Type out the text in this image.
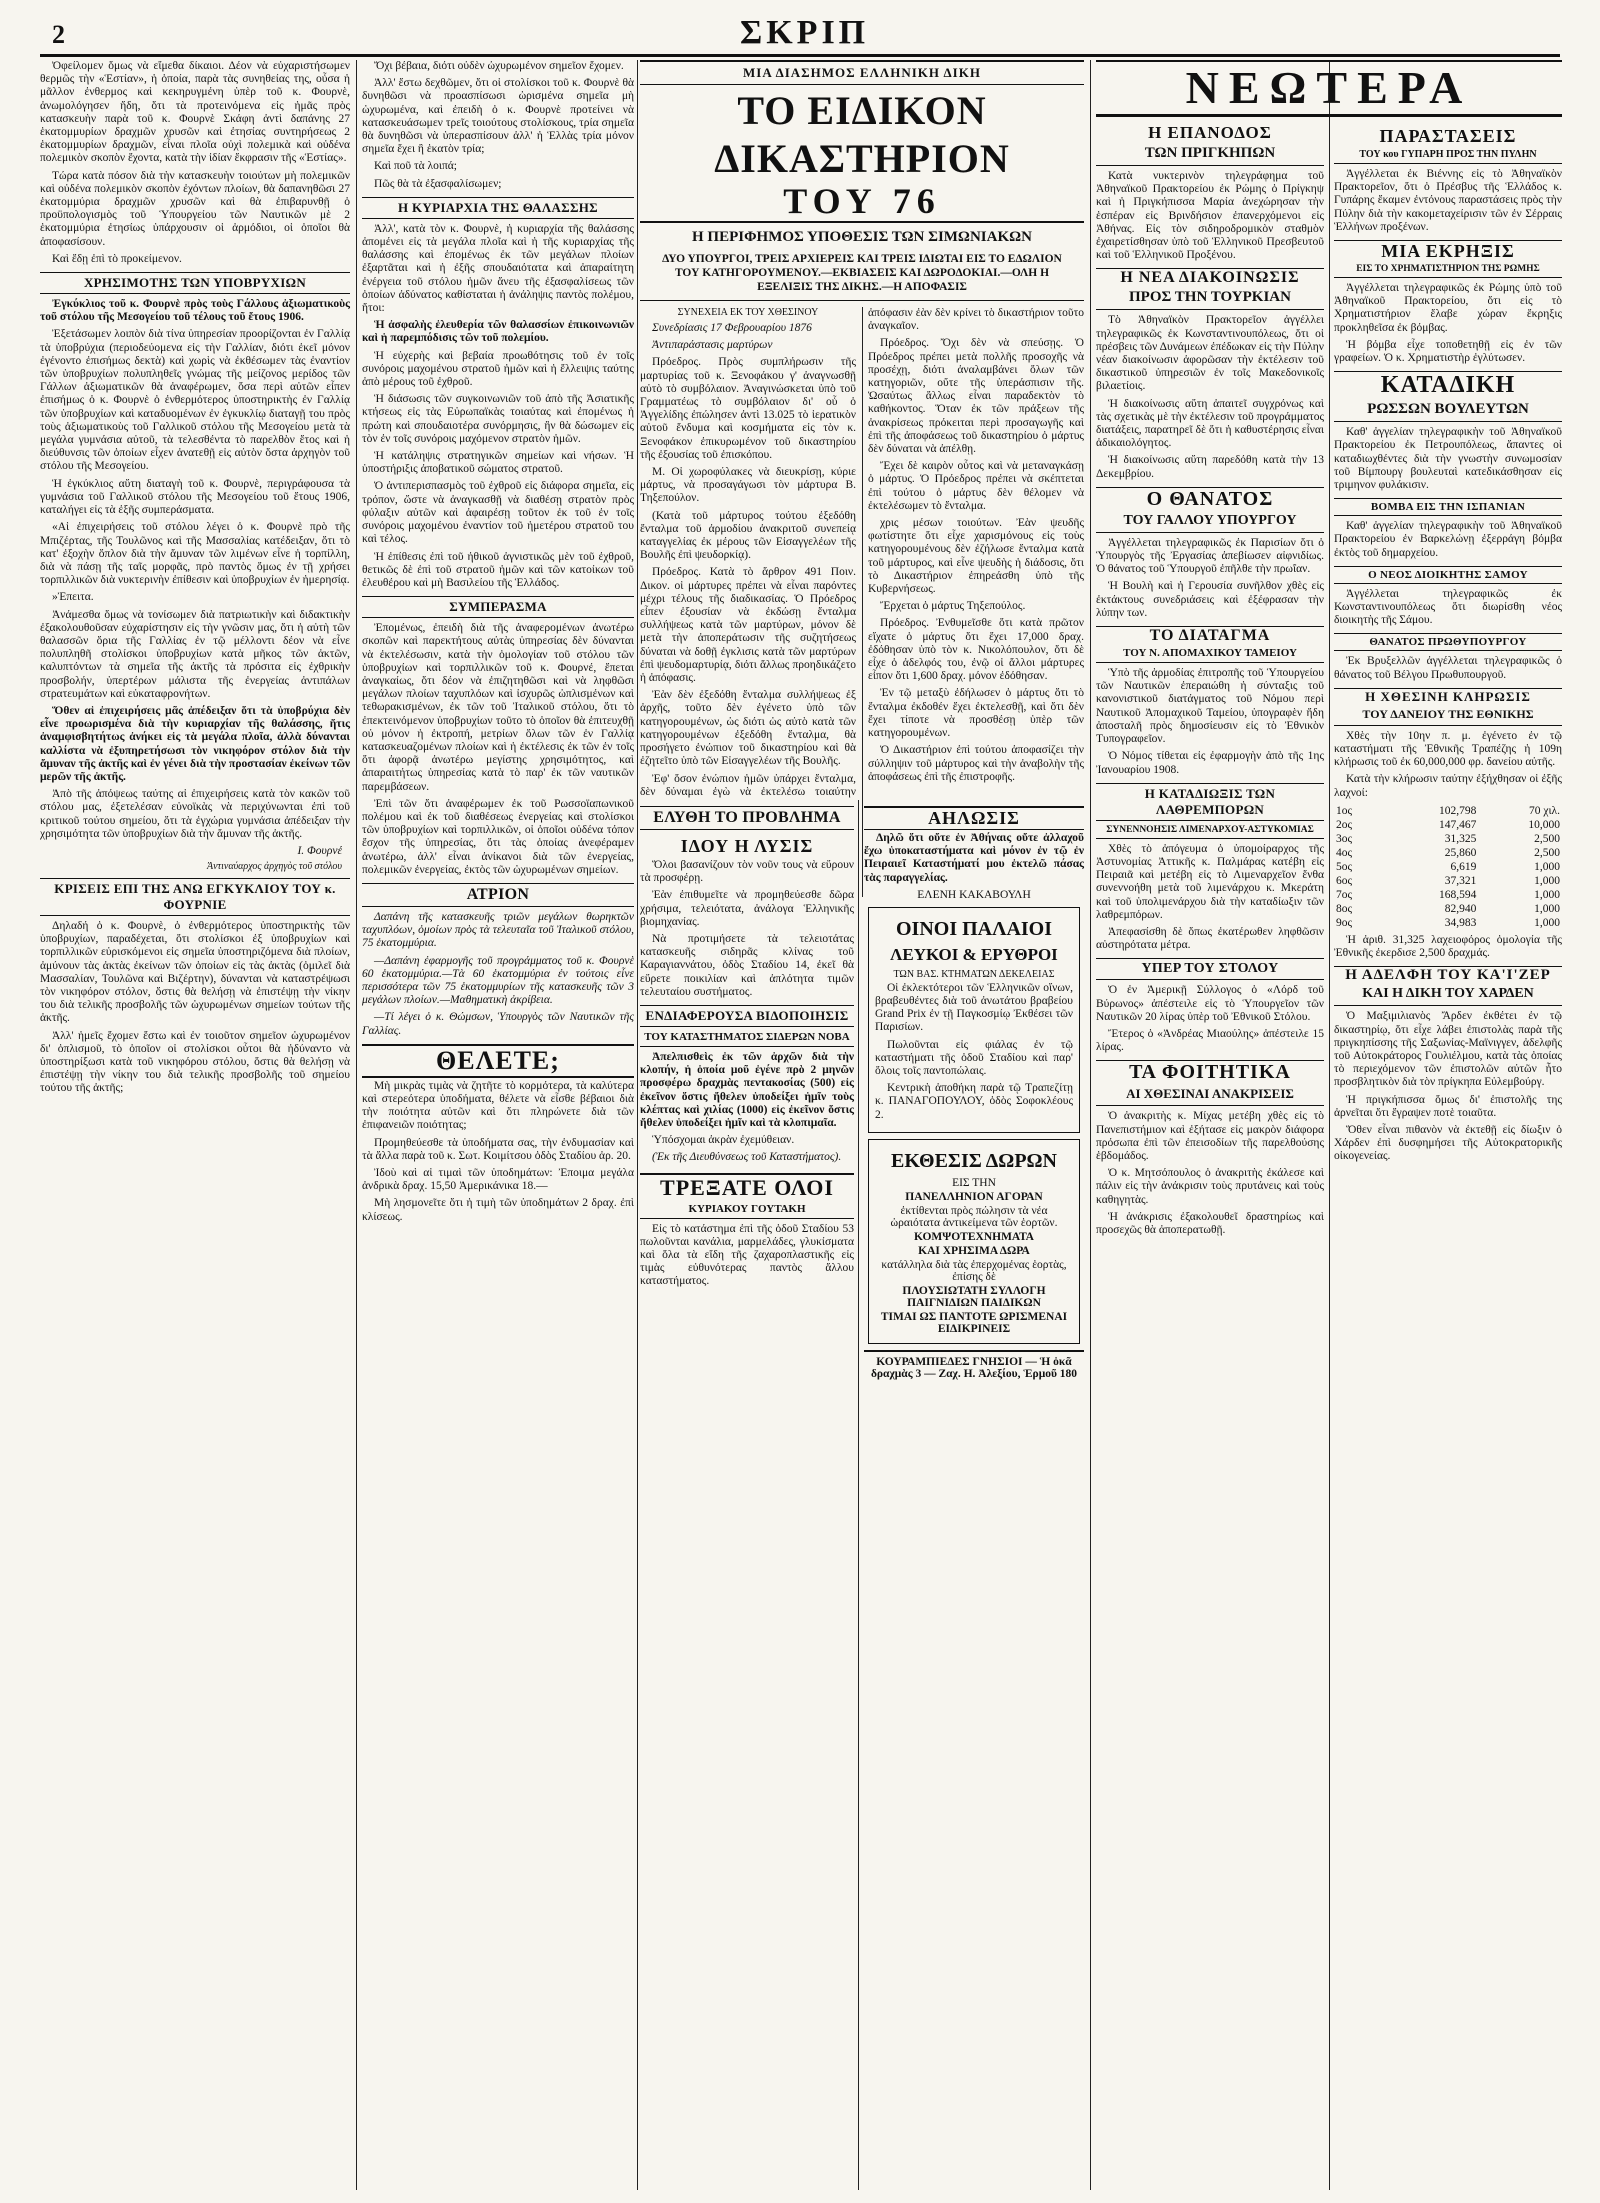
2	ΣΚΡΙΠ

Ὀφείλομεν ὅμως νὰ εἴμεθα δίκαιοι. Δέον νὰ εὐχαριστήσωμεν θερμῶς τὴν «Ἑστίαν», ἡ ὁποία, παρὰ τὰς συνηθείας της, οὖσα ἡ μᾶλλον ἐνθερμος καὶ κεκηρυγμένη ὑπὲρ τοῦ κ. Φουρνὲ, ἀνωμολόγησεν ἤδη, ὅτι τὰ προτεινόμενα εἰς ἡμᾶς πρὸς κατασκευὴν παρὰ τοῦ κ. Φουρνὲ Σκάφη ἀντὶ δαπάνης 27 ἑκατομμυρίων δραχμῶν χρυσῶν καὶ ἐτησίας συντηρήσεως 2 ἑκατομμυρίων δραχμῶν, εἶναι πλοῖα οὐχὶ πολεμικὰ καὶ οὐδένα πολεμικὸν σκοπὸν ἔχοντα, κατὰ τὴν ἰδίαν ἔκφρασιν τῆς «Ἑστίας».

Τώρα κατὰ πόσον διὰ τὴν κατασκευὴν τοιούτων μὴ πολεμικῶν καὶ οὐδένα πολεμικὸν σκοπὸν ἐχόντων πλοίων, θὰ δαπανηθῶσι 27 ἑκατομμύρια δραχμῶν χρυσῶν καὶ θὰ ἐπιβαρυνθῇ ὁ προϋπολογισμὸς τοῦ Ὑπουργείου τῶν Ναυτικῶν μὲ 2 ἑκατομμύρια ἐτησίως ὑπάρχουσιν οἱ ἁρμόδιοι, οἱ ὁποῖοι θὰ ἀποφασίσουν.

Καὶ ἔδῃ ἐπὶ τὸ προκείμενον.

ΧΡΗΣΙΜΟΤΗΣ ΤΩΝ ΥΠΟΒΡΥΧΙΩΝ

Ἐγκύκλιος τοῦ κ. Φουρνὲ πρὸς τοὺς Γάλλους ἀξιωματικοὺς τοῦ στόλου τῆς Μεσογείου τοῦ τέλους τοῦ ἔτους 1906.

Ἐξετάσωμεν λοιπὸν διὰ τίνα ὑπηρεσίαν προορίζονται ἐν Γαλλίᾳ τὰ ὑποβρύχια (περιοδεύομενα εἰς τὴν Γαλλίαν, διότι ἐκεῖ μόνον ἐγένοντο ἐπισήμως δεκτὰ) καὶ χωρὶς νὰ ἐκθέσωμεν τὰς ἐναντίον τῶν ὑποβρυχίων πολυπληθεῖς γνώμας τῆς μείζονος μερίδος τῶν Γάλλων ἀξιωματικῶν θὰ ἀναφέρωμεν, ὅσα περὶ αὐτῶν εἶπεν ἐπισήμως ὁ κ. Φουρνὲ ὁ ἐνθερμότερος ὑποστηρικτὴς ἐν Γαλλίᾳ τῶν ὑποβρυχίων καὶ καταδυομένων ἐν ἐγκυκλίῳ διαταγῇ του πρὸς τοὺς ἀξιωματικοὺς τοῦ Γαλλικοῦ στόλου τῆς Μεσογείου μετὰ τὰ μεγάλα γυμνάσια αὐτοῦ, τὰ τελεσθέντα τὸ παρελθὸν ἔτος καὶ ἡ διεύθυνσις τῶν ὁποίων εἶχεν ἀνατεθῇ εἰς αὐτὸν ὅστα ἀρχηγὸν τοῦ στόλου τῆς Μεσογείου.

Ἡ ἐγκύκλιος αὕτη διαταγὴ τοῦ κ. Φουρνὲ, περιγράφουσα τὰ γυμνάσια τοῦ Γαλλικοῦ στόλου τῆς Μεσογείου τοῦ ἔτους 1906, καταλήγει εἰς τὰ ἐξῆς συμπεράσματα.

«Αἱ ἐπιχειρήσεις τοῦ στόλου λέγει ὁ κ. Φουρνὲ πρὸ τῆς Μπιζέρτας, τῆς Τουλῶνος καὶ τῆς Μασσαλίας κατέδειξαν, ὅτι τὸ κατ' ἐξοχὴν ὅπλον διὰ τὴν ἄμυναν τῶν λιμένων εἶνε ἡ τορπίλλη, διὰ νὰ πάσῃ τῆς ταῖς μορφᾶς, πρὸ παντὸς ὅμως ἐν τῇ χρήσει τορπιλλικῶν διὰ νυκτερινὴν ἐπίθεσιν καὶ ὑποβρυχίων ἐν ἡμερησίᾳ.

»Ἐπειτα.

Ἀνάμεσθα ὅμως νὰ τονίσωμεν διὰ πατριωτικὴν καὶ διδακτικὴν ἐξακολουθοῦσαν εὐχαρίστησιν εἰς τὴν γνῶσιν μας, ὅτι ἡ αὐτὴ τῶν θαλασσῶν ὅρια τῆς Γαλλίας ἐν τῷ μέλλοντι δέον νὰ εἶνε πολυπληθῆ στολίσκοι ὑποβρυχίων κατὰ μῆκος τῶν ἀκτῶν, καλυπτόντων τὰ σημεῖα τῆς ἀκτῆς τὰ πρόσιτα εἰς ἐχθρικὴν προσβολήν, ὑπερτέρων μάλιστα τῆς ἐνεργείας ἀντιπάλων στρατευμάτων καὶ εὐκαταφρονήτων.

Ὅθεν αἱ ἐπιχειρήσεις μᾶς ἀπέδειξαν ὅτι τὰ ὑποβρύχια δὲν εἶνε προωρισμένα διὰ τὴν κυριαρχίαν τῆς θαλάσσης, ἥτις ἀναμφισβητήτως ἀνήκει εἰς τὰ μεγάλα πλοῖα, ἀλλὰ δύνανται καλλίστα νὰ ἐξυπηρετήσωσι τὸν νικηφόρον στόλον διὰ τὴν ἄμυναν τῆς ἀκτῆς καὶ ἐν γένει διὰ τὴν προστασίαν ἐκείνων τῶν μερῶν τῆς ἀκτῆς.

Ἀπὸ τῆς ἀπόψεως ταύτης αἱ ἐπιχειρήσεις κατὰ τὸν κακῶν τοῦ στόλου μας, ἐξετελέσαν εὐνοϊκὰς νὰ περιχύνωνται ἐπὶ τοῦ κριτικοῦ τούτου σημείου, ὅτι τὰ ἐγχώρια γυμνάσια ἀπέδειξαν τὴν χρησιμότητα τῶν ὑποβρυχίων διὰ τὴν ἄμυναν τῆς ἀκτῆς.

Ι. Φουρνέ
Ἀντιναύαρχος ἀρχηγὸς τοῦ στόλου
ΚΡΙΣΕΙΣ ΕΠΙ ΤΗΣ ΑΝΩ ΕΓΚΥΚΛΙΟΥ ΤΟΥ κ. ΦΟΥΡΝΙΕ

Δηλαδή ὁ κ. Φουρνὲ, ὁ ἐνθερμότερος ὑποστηρικτὴς τῶν ὑποβρυχίων, παραδέχεται, ὅτι στολίσκοι ἐξ ὑποβρυχίων καὶ τορπιλλικῶν εὐρισκόμενοι εἰς σημεῖα ὑποστηριζόμενα διὰ πλοίων, ἀμύνουν τὰς ἀκτὰς ἐκείνων τῶν ὁποίων εἰς τὰς ἀκτὰς (ὁμιλεῖ διὰ Μασσαλίαν, Τουλῶνα καὶ Βιζέρτην), δύνανται νὰ καταστρέψωσι τὸν νικηφόρον στόλον, ὅστις θὰ θελήσῃ νὰ ἐπιστέψῃ τὴν νίκην του διὰ τελικῆς προσβολῆς τῶν ὡχυρωμένων σημείων τούτων τῆς ἀκτῆς.

Ἀλλ' ἡμεῖς ἔχομεν ἔστω καὶ ἐν τοιοῦτον σημεῖον ὡχυρωμένον δι' ὁπλισμοῦ, τὸ ὁποῖον οἱ στολίσκοι οὗτοι θὰ ἠδύναντο νὰ ὑποστηρίξωσι κατὰ τοῦ νικηφόρου στόλου, ὅστις θὰ θελήσῃ νὰ ἐπιστέψῃ τὴν νίκην του διὰ τελικῆς προσβολῆς τοῦ σημείου τούτου τῆς ἀκτῆς;

Ὄχι βέβαια, διότι οὐδὲν ὠχυρωμένον σημεῖον ἔχομεν.

Ἀλλ' ἔστω δεχθῶμεν, ὅτι οἱ στολίσκοι τοῦ κ. Φουρνὲ θὰ δυνηθῶσι νὰ προασπίσωσι ὡρισμένα σημεῖα μὴ ὠχυρωμένα, καὶ ἐπειδὴ ὁ κ. Φουρνὲ προτείνει νὰ κατασκευάσωμεν τρεῖς τοιούτους στολίσκους, τρία σημεῖα θὰ δυνηθῶσι νὰ ὑπερασπίσουν ἀλλ' ἡ Ἑλλὰς τρία μόνον σημεῖα ἔχει ἢ ἑκατὸν τρία;

Καὶ ποῦ τὰ λοιπά;

Πῶς θὰ τὰ ἐξασφαλίσωμεν;

Η ΚΥΡΙΑΡΧΙΑ ΤΗΣ ΘΑΛΑΣΣΗΣ

Ἀλλ', κατὰ τὸν κ. Φουρνὲ, ἡ κυριαρχία τῆς θαλάσσης ἀπομένει εἰς τὰ μεγάλα πλοῖα καὶ ἡ τῆς κυριαρχίας τῆς θαλάσσης καὶ ἐπομένως ἐκ τῶν μεγάλων πλοίων ἐξαρτᾶται καὶ ἡ ἐξῆς σπουδαιότατα καὶ ἀπαραίτητη ἐνέργεια τοῦ στόλου ἡμῶν ἄνευ τῆς ἐξασφαλίσεως τῶν ὁποίων ἀδύνατος καθίσταται ἡ ἀνάληψις παντὸς πολέμου, ἤτοι:

Ἡ ἀσφαλὴς ἐλευθερία τῶν θαλασσίων ἐπικοινωνιῶν καὶ ἡ παρεμπόδισις τῶν τοῦ πολεμίου.

Ἡ εὐχερὴς καὶ βεβαία προωθότησις τοῦ ἐν τοῖς συνόροις μαχομένου στρατοῦ ἡμῶν καὶ ἡ ἔλλειψις ταύτης ἀπὸ μέρους τοῦ ἐχθροῦ.

Ἡ διάσωσις τῶν συγκοινωνιῶν τοῦ ἀπὸ τῆς Ἀσιατικῆς κτήσεως εἰς τὰς Εὐρωπαϊκὰς τοιαύτας καὶ ἐπομένως ἡ πρώτη καὶ σπουδαιοτέρα συνόρμησις, ἣν θὰ δώσωμεν εἰς τὸν ἐν τοῖς συνόροις μαχόμενον στρατὸν ἡμῶν.

Ἡ κατάληψις στρατηγικῶν σημείων καὶ νήσων. Ἡ ὑποστήριξις ἀποβατικοῦ σώματος στρατοῦ.

Ὁ ἀντιπερισπασμὸς τοῦ ἐχθροῦ εἰς διάφορα σημεῖα, εἰς τρόπον, ὥστε νὰ ἀναγκασθῇ νὰ διαθέσῃ στρατὸν πρὸς φύλαξιν αὐτῶν καὶ ἀφαιρέσῃ τοῦτον ἐκ τοῦ ἐν τοῖς συνόροις μαχομένου ἐναντίον τοῦ ἡμετέρου στρατοῦ του καὶ τέλος.

Ἡ ἐπίθεσις ἐπὶ τοῦ ἠθικοῦ ἀγνιστικῶς μὲν τοῦ ἐχθροῦ, θετικῶς δὲ ἐπὶ τοῦ στρατοῦ ἡμῶν καὶ τῶν κατοίκων τοῦ ἐλευθέρου καὶ μὴ Βασιλείου τῆς Ἑλλάδος.

ΣΥΜΠΕΡΑΣΜΑ

Ἐπομένως, ἐπειδὴ διὰ τῆς ἀναφερομένων ἀνωτέρω σκοπῶν καὶ παρεκτήτους αὐτὰς ὑπηρεσίας δὲν δύνανται νὰ ἐκτελέσωσιν, κατὰ τὴν ὁμολογίαν τοῦ στόλου τῶν ὑποβρυχίων καὶ τορπιλλικῶν τοῦ κ. Φουρνέ, ἔπεται ἀναγκαίως, ὅτι δέον νὰ ἐπιζητηθῶσι καὶ νὰ ληφθῶσι μεγάλων πλοίων ταχυπλόων καὶ ἰσχυρῶς ὡπλισμένων καὶ τεθωρακισμένων, ἐκ τῶν τοῦ Ἰταλικοῦ στόλου, ὅτι τὸ ἐπεκτεινόμενον ὑποβρυχίων τοῦτο τὸ ὁποῖον θὰ ἐπιτευχθῇ οὐ μόνον ἡ ἐκτροπή, μετρίων ὅλων τῶν ἐν Γαλλίᾳ κατασκευαζομένων πλοίων καὶ ἡ ἐκτέλεσις ἐκ τῶν ἐν τοῖς ὅτι ἀφορᾷ ἀνωτέρω μεγίστης χρησιμότητος, καὶ ἀπαραιτήτως ὑπηρεσίας κατὰ τὸ παρ' ἐκ τῶν ναυτικῶν παρεμβάσεων.

Ἐπὶ τῶν ὅτι ἀναφέρωμεν ἐκ τοῦ Ρωσσοϊαπωνικοῦ πολέμου καὶ ἐκ τοῦ διαθέσεως ἐνεργείας καὶ στολίσκοι τῶν ὑποβρυχίων καὶ τορπιλλικῶν, οἱ ὁποῖοι οὐδένα τόπον ἔσχον τῆς ὑπηρεσίας, ὅτι τὰς ὁποίας ἀνεφέραμεν ἀνωτέρω, ἀλλ' εἶναι ἀνίκανοι διὰ τῶν ἐνεργείας, πολεμικῶν ἐνεργείας, ἐκτὸς τῶν ὠχυρωμένων σημείων.

ΑΤΡΙΟΝ

Δαπάνη τῆς κατασκευῆς τριῶν μεγάλων θωρηκτῶν ταχυπλόων, ὁμοίων πρὸς τὰ τελευταῖα τοῦ Ἰταλικοῦ στόλου, 75 ἑκατομμύρια.

—Δαπάνη ἐφαρμογῆς τοῦ προγράμματος τοῦ κ. Φουρνὲ 60 ἑκατομμύρια.—Τὰ 60 ἑκατομμύρια ἐν τούτοις εἶνε περισσότερα τῶν 75 ἑκατομμυρίων τῆς κατασκευῆς τῶν 3 μεγάλων πλοίων.—Μαθηματικὴ ἀκρίβεια.

—Τί λέγει ὁ κ. Θώμσων, Ὑπουργὸς τῶν Ναυτικῶν τῆς Γαλλίας.

ΘΕΛΕΤΕ;

Μὴ μικρὰς τιμὰς νὰ ζητῆτε τὸ κορμότερα, τὰ καλύτερα καὶ στερεότερα ὑποδήματα, θέλετε νὰ εἶσθε βέβαιοι διὰ τὴν ποιότητα αὐτῶν καὶ ὅτι πληρώνετε διὰ τῶν ἐπιφανειῶν ποιότητας;

Προμηθεύεσθε τὰ ὑποδήματα σας, τὴν ἐνδυμασίαν καὶ τὰ ἄλλα παρὰ τοῦ κ. Σωτ. Κοιμίτσου ὁδὸς Σταδίου ἀρ. 20.

Ἰδοὺ καὶ αἱ τιμαὶ τῶν ὑποδημάτων: Ἐποιμα μεγάλα ἀνδρικὰ δραχ. 15,50 Ἀμερικάνικα 18.—

Μὴ λησμονεῖτε ὅτι ἡ τιμὴ τῶν ὑποδημάτων 2 δραχ. ἐπὶ κλίσεως.

ΜΙΑ ΔΙΑΣΗΜΟΣ ΕΛΛΗΝΙΚΗ ΔΙΚΗ
ΤΟ ΕΙΔΙΚΟΝ
ΔΙΚΑΣΤΗΡΙΟΝ
ΤΟΥ 76
Η ΠΕΡΙΦΗΜΟΣ ΥΠΟΘΕΣΙΣ ΤΩΝ ΣΙΜΩΝΙΑΚΩΝ
ΔΥΟ ΥΠΟΥΡΓΟΙ, ΤΡΕΙΣ ΑΡΧΙΕΡΕΙΣ ΚΑΙ ΤΡΕΙΣ ΙΔΙΩΤΑΙ ΕΙΣ ΤΟ ΕΔΩΛΙΟΝ ΤΟΥ ΚΑΤΗΓΟΡΟΥΜΕΝΟΥ.—ΕΚΒΙΑΣΕΙΣ ΚΑΙ ΔΩΡΟΔΟΚΙΑΙ.—ΟΛΗ Η ΕΞΕΛΙΞΙΣ ΤΗΣ ΔΙΚΗΣ.—Η ΑΠΟΦΑΣΙΣ
ΣΥΝΕΧΕΙΑ ΕΚ ΤΟΥ ΧΘΕΣΙΝΟΥ

Συνεδρίασις 17 Φεβρουαρίου 1876

Ἀντιπαράστασις μαρτύρων

Πρόεδρος. Πρὸς συμπλήρωσιν τῆς μαρτυρίας τοῦ κ. Ξενοφάκου γ' ἀναγνωσθῇ αὐτὸ τὸ συμβόλαιον. Ἀναγινώσκεται ὑπὸ τοῦ Γραμματέως τὸ συμβόλαιον δι' οὗ ὁ Ἀγγελίδης ἐπώλησεν ἀντὶ 13.025 τὸ ἱερατικὸν αὐτοῦ ἔνδυμα καὶ κοσμήματα εἰς τὸν κ. Ξενοφάκον ἐπικυρωμένον τοῦ δικαστηρίου τῆς ἐξουσίας τοῦ ἐπισκόπου.

Μ. Οἱ χωροφύλακες νὰ διευκρίσῃ, κύριε μάρτυς, νὰ προσαγάγωσι τὸν μάρτυρα Β. Τηξεπούλον.

(Κατὰ τοῦ μάρτυρος τούτου ἐξεδόθη ἔνταλμα τοῦ ἀρμοδίου ἀνακριτοῦ συνεπείᾳ καταγγελίας ἐκ μέρους τῶν Εἰσαγγελέων τῆς Βουλῆς ἐπὶ ψευδορκίᾳ).

Πρόεδρος. Κατὰ τὸ ἄρθρον 491 Ποιν. Δικον. οἱ μάρτυρες πρέπει νὰ εἶναι παρόντες μέχρι τέλους τῆς διαδικασίας. Ὁ Πρόεδρος εἶπεν ἐξουσίαν νὰ ἐκδώσῃ ἔνταλμα συλλήψεως κατὰ τῶν μαρτύρων, μόνον δὲ μετὰ τὴν ἀποπεράτωσιν τῆς συζητήσεως δύναται νὰ δοθῇ ἐγκλισις κατὰ τῶν μαρτύρων ἐπὶ ψευδομαρτυρίᾳ, διότι ἄλλως προηδικάζετο ἡ ἀπόφασις.

Ἐὰν δὲν ἐξεδόθη ἔνταλμα συλλήψεως ἐξ ἀρχῆς, τοῦτο δὲν ἐγένετο ὑπὸ τῶν κατηγορουμένων, ὡς διότι ὡς αὐτὸ κατὰ τῶν κατηγορουμένων ἐξεδόθη ἔνταλμα, θὰ προσήγετο ἐνώπιον τοῦ δικαστηρίου καὶ θὰ ἐζητεῖτο ὑπὸ τῶν Εἰσαγγελέων τῆς Βουλῆς.

Ἐφ' ὅσον ἐνώπιον ἡμῶν ὑπάρχει ἔνταλμα, δὲν δύναμαι ἐγὼ νὰ ἐκτελέσω τοιαύτην ἀπόφασιν ἐὰν δὲν κρίνει τὸ δικαστήριον τοῦτο ἀναγκαῖον.

Πρόεδρος. Ὄχι δὲν νὰ σπεύσῃς. Ὁ Πρόεδρος πρέπει μετὰ πολλῆς προσοχῆς νὰ προσέχῃ, διότι ἀναλαμβάνει ὅλων τῶν κατηγοριῶν, οὔτε τῆς ὑπεράσπισιν τῆς. Ὡσαύτως ἄλλως εἶναι παραδεκτὸν τὸ καθήκοντος. Ὅταν ἐκ τῶν πράξεων τῆς ἀνακρίσεως πρόκειται περὶ προσαγωγῆς καὶ ἐπὶ τῆς ἀποφάσεως τοῦ δικαστηρίου ὁ μάρτυς δὲν δύναται νὰ ἀπέλθῃ.

Ἔχει δὲ καιρὸν οὗτος καὶ νὰ μεταναγκάσῃ ὁ μάρτυς. Ὁ Πρόεδρος πρέπει νὰ σκέπτεται ἐπὶ τούτου ὁ μάρτυς δὲν θέλομεν νὰ ἐκτελέσωμεν τὸ ἔνταλμα.

χρις μέσων τοιούτων. Ἐὰν ψευδῆς φωτίστητε ὅτι εἶχε χαρισμόνους εἰς τοὺς κατηγορουμένους δὲν ἐζήλωσε ἔνταλμα κατὰ τοῦ μάρτυρος, καὶ εἶνε ψευδὴς ἡ διάδοσις, ὅτι τὸ Δικαστήριον ἐπηρεάσθη ὑπὸ τῆς Κυβερνήσεως.

Ἔρχεται ὁ μάρτυς Τηξεπούλος.

Πρόεδρος. Ἐνθυμεῖσθε ὅτι κατὰ πρῶτον εἴχατε ὁ μάρτυς ὅτι ἔχει 17,000 δραχ. ἐδόθησαν ὑπὸ τὸν κ. Νικολόπουλον, ὅτι δὲ εἶχε ὁ ἀδελφός του, ἐνῷ οἱ ἄλλοι μάρτυρες εἶπον ὅτι 1,600 δραχ. μόνον ἐδόθησαν.

Ἐν τῷ μεταξὺ ἐδήλωσεν ὁ μάρτυς ὅτι τὸ ἔνταλμα ἐκδοθέν ἔχει ἐκτελεσθῇ, καὶ ὅτι δὲν ἔχει τίποτε νὰ προσθέσῃ ὑπὲρ τῶν κατηγορουμένων.

Ὁ Δικαστήριον ἐπὶ τούτου ἀποφασίζει τὴν σύλληψιν τοῦ μάρτυρος καὶ τὴν ἀναβολὴν τῆς ἀποφάσεως ἐπὶ τῆς ἐπιστροφῆς.

ΕΛΥΘΗ ΤΟ ΠΡΟΒΛΗΜΑ
ΙΔΟΥ Η ΛΥΣΙΣ

Ὅλοι βασανίζουν τὸν νοῦν τους νὰ εὕρουν τὰ προσφέρῃ.

Ἐὰν ἐπιθυμεῖτε νὰ προμηθεύεσθε δῶρα χρήσιμα, τελειότατα, ἀνάλογα Ἑλληνικῆς βιομηχανίας.

Νὰ προτιμήσετε τὰ τελειοτάτας κατασκευῆς σιδηρᾶς κλίνας τοῦ Καραγιαννάτου, ὁδὸς Σταδίου 14, ἐκεῖ θὰ εὕρετε ποικιλίαν καὶ ἀπλότητα τιμῶν τελευταίου συστήματος.

ΕΝΔΙΑΦΕΡΟΥΣΑ ΒΙΔΟΠΟΙΗΣΙΣ
ΤΟΥ ΚΑΤΑΣΤΗΜΑΤΟΣ ΣΙΔΕΡΩΝ ΝΟΒΑ

Ἀπελπισθεὶς ἐκ τῶν ἀρχῶν διὰ τὴν κλοπήν, ἡ ὁποία μοῦ ἐγένε πρὸ 2 μηνῶν προσφέρω δραχμὰς πεντακοσίας (500) εἰς ἐκεῖνον ὅστις ἤθελεν ὑποδείξει ἡμῖν τοὺς κλέπτας καὶ χιλίας (1000) εἰς ἐκεῖνον ὅστις ἤθελεν ὑποδείξει ἡμῖν καὶ τὰ κλοπιμαῖα.

Ὑπόσχομαι ἀκρὰν ἐχεμύθειαν.

(Ἐκ τῆς Διευθύνσεως τοῦ Καταστήματος).

ΤΡΕΞΑΤΕ ΟΛΟΙ
ΚΥΡΙΑΚΟΥ ΓΟΥΤΑΚΗ

Εἰς τὸ κατάστημα ἐπὶ τῆς ὁδοῦ Σταδίου 53 πωλοῦνται κανάλια, μαρμελάδες, γλυκίσματα καὶ ὅλα τὰ εἴδη τῆς ζαχαροπλαστικῆς εἰς τιμὰς εὐθυνότερας παντὸς ἄλλου καταστήματος.

ΑΗΛΩΣΙΣ

Δηλῶ ὅτι οὔτε ἐν Ἀθήναις οὔτε ἀλλαχοῦ ἔχω ὑποκαταστήματα καὶ μόνον ἐν τῷ ἐν Πειραιεῖ Καταστήματί μου ἐκτελῶ πάσας τὰς παραγγελίας.

ΕΛΕΝΗ ΚΑΚΑΒΟΥΛΗ
ΟΙΝΟΙ ΠΑΛΑΙΟΙ
ΛΕΥΚΟΙ & ΕΡΥΘΡΟΙ
ΤΩΝ ΒΑΣ. ΚΤΗΜΑΤΩΝ ΔΕΚΕΛΕΙΑΣ

Οἱ ἐκλεκτότεροι τῶν Ἑλληνικῶν οἴνων, βραβευθέντες διὰ τοῦ ἀνωτάτου βραβείου Grand Prix ἐν τῇ Παγκοσμίῳ Ἐκθέσει τῶν Παρισίων.

Πωλοῦνται εἰς φιάλας ἐν τῷ καταστήματι τῆς ὁδοῦ Σταδίου καὶ παρ' ὅλοις τοῖς παντοπώλαις.

Κεντρικὴ ἀποθήκη παρὰ τῷ Τραπεζίτῃ κ. ΠΑΝΑΓΟΠΟΥΛΟΥ, ὁδὸς Σοφοκλέους 2.

ΕΚΘΕΣΙΣ ΔΩΡΩΝ
ΕΙΣ ΤΗΝ
ΠΑΝΕΛΛΗΝΙΟΝ ΑΓΟΡΑΝ
ἐκτίθενται πρὸς πώλησιν τὰ νέα ὡραιότατα ἀντικείμενα τῶν ἑορτῶν.
ΚΟΜΨΟΤΕΧΝΗΜΑΤΑ
ΚΑΙ ΧΡΗΣΙΜΑ ΔΩΡΑ
κατάλληλα διὰ τὰς ἐπερχομένας ἑορτὰς, ἐπίσης δὲ
ΠΛΟΥΣΙΩΤΑΤΗ ΣΥΛΛΟΓΗ ΠΑΙΓΝΙΔΙΩΝ ΠΑΙΔΙΚΩΝ
ΤΙΜΑΙ ΩΣ ΠΑΝΤΟΤΕ ΩΡΙΣΜΕΝΑΙ ΕΙΔΙΚΡΙΝΕΙΣ
ΚΟΥΡΑΜΠΙΕΔΕΣ ΓΝΗΣΙΟΙ — Ἡ ὀκᾶ δραχμὰς 3 — Ζαχ. Η. Ἀλεξίου, Ἑρμοῦ 180
ΝΕΩΤΕΡΑ
Η ΕΠΑΝΟΔΟΣ
ΤΩΝ ΠΡΙΓΚΗΠΩΝ

Κατὰ νυκτερινὸν τηλεγράφημα τοῦ Ἀθηναϊκοῦ Πρακτορείου ἐκ Ρώμης ὁ Πρίγκηψ καὶ ἡ Πριγκήπισσα Μαρία ἀνεχώρησαν τὴν ἑσπέραν εἰς Βρινδήσιον ἐπανερχόμενοι εἰς Ἀθήνας. Εἰς τὸν σιδηροδρομικὸν σταθμὸν ἐχαιρετίσθησαν ὑπὸ τοῦ Ἑλληνικοῦ Πρεσβευτοῦ καὶ τοῦ Ἑλληνικοῦ Προξένου.

Η ΝΕΑ ΔΙΑΚΟΙΝΩΣΙΣ
ΠΡΟΣ ΤΗΝ ΤΟΥΡΚΙΑΝ

Τὸ Ἀθηναϊκὸν Πρακτορεῖον ἀγγέλλει τηλεγραφικῶς ἐκ Κωνσταντινουπόλεως, ὅτι οἱ πρέσβεις τῶν Δυνάμεων ἐπέδωκαν εἰς τὴν Πύλην νέαν διακοίνωσιν ἀφορῶσαν τὴν ἐκτέλεσιν τοῦ δικαστικοῦ ὑπηρεσιῶν ἐν τοῖς Μακεδονικοῖς βιλαετίοις.

Ἡ διακοίνωσις αὕτη ἀπαιτεῖ συγχρόνως καὶ τὰς σχετικὰς μὲ τὴν ἐκτέλεσιν τοῦ προγράμματος διατάξεις, παρατηρεῖ δὲ ὅτι ἡ καθυστέρησις εἶναι ἀδικαιολόγητος.

Ἡ διακοίνωσις αὕτη παρεδόθη κατὰ τὴν 13 Δεκεμβρίου.

Ο ΘΑΝΑΤΟΣ
ΤΟΥ ΓΑΛΛΟΥ ΥΠΟΥΡΓΟΥ

Ἀγγέλλεται τηλεγραφικῶς ἐκ Παρισίων ὅτι ὁ Ὑπουργὸς τῆς Ἐργασίας ἀπεβίωσεν αἰφνιδίως. Ὁ θάνατος τοῦ Ὑπουργοῦ ἐπῆλθε τὴν πρωΐαν.

Ἡ Βουλὴ καὶ ἡ Γερουσία συνῆλθον χθὲς εἰς ἐκτάκτους συνεδριάσεις καὶ ἐξέφρασαν τὴν λύπην των.

ΤΟ ΔΙΑΤΑΓΜΑ
ΤΟΥ Ν. ΑΠΟΜΑΧΙΚΟΥ ΤΑΜΕΙΟΥ

Ὑπὸ τῆς ἁρμοδίας ἐπιτροπῆς τοῦ Ὑπουργείου τῶν Ναυτικῶν ἐπεραιώθη ἡ σύνταξις τοῦ κανονιστικοῦ διατάγματος τοῦ Νόμου περὶ Ναυτικοῦ Ἀπομαχικοῦ Ταμείου, ὑπογραφὲν ἤδη ἀποσταλῆ πρὸς δημοσίευσιν εἰς τὸ Ἐθνικὸν Τυπογραφεῖον.

Ὁ Νόμος τίθεται εἰς ἐφαρμογὴν ἀπὸ τῆς 1ης Ἰανουαρίου 1908.

Η ΚΑΤΑΔΙΩΞΙΣ ΤΩΝ ΛΑΘΡΕΜΠΟΡΩΝ
ΣΥΝΕΝΝΟΗΣΙΣ ΛΙΜΕΝΑΡΧΟΥ-ΑΣΤΥΚΟΜΙΑΣ

Χθὲς τὸ ἀπόγευμα ὁ ὑπομοίραρχος τῆς Ἀστυνομίας Ἀττικῆς κ. Παλμάρας κατέβη εἰς Πειραιᾶ καὶ μετέβη εἰς τὸ Λιμεναρχεῖον ἔνθα συνεννοήθη μετὰ τοῦ λιμενάρχου κ. Μκεράτη καὶ τοῦ ὑπολιμενάρχου διὰ τὴν καταδίωξιν τῶν λαθρεμπόρων.

Ἀπεφασίσθη δὲ ὅπως ἐκατέρωθεν ληφθῶσιν αὐστηρότατα μέτρα.

ΥΠΕΡ ΤΟΥ ΣΤΟΛΟΥ

Ὁ ἐν Ἀμερικῇ Σύλλογος ὁ «Λόρδ τοῦ Βύρωνος» ἀπέστειλε εἰς τὸ Ὑπουργεῖον τῶν Ναυτικῶν 20 λίρας ὑπὲρ τοῦ Ἐθνικοῦ Στόλου.

Ἔτερος ὁ «Ἀνδρέας Μιαούλης» ἀπέστειλε 15 λίρας.

ΤΑ ΦΟΙΤΗΤΙΚΑ
ΑΙ ΧΘΕΣΙΝΑΙ ΑΝΑΚΡΙΣΕΙΣ

Ὁ ἀνακριτὴς κ. Μίχας μετέβη χθὲς εἰς τὸ Πανεπιστήμιον καὶ ἐξήτασε εἰς μακρὸν διάφορα πρόσωπα ἐπὶ τῶν ἐπεισοδίων τῆς παρελθούσης ἑβδομάδος.

Ὁ κ. Μητσόπουλος ὁ ἀνακριτὴς ἐκάλεσε καὶ πάλιν εἰς τὴν ἀνάκρισιν τοὺς πρυτάνεις καὶ τοὺς καθηγητὰς.

Ἡ ἀνάκρισις ἐξακολουθεῖ δραστηρίως καὶ προσεχῶς θὰ ἀποπερατωθῇ.

ΠΑΡΑΣΤΑΣΕΙΣ
ΤΟΥ κου ΓΥΠΑΡΗ ΠΡΟΣ ΤΗΝ ΠΥΛΗΝ

Ἀγγέλλεται ἐκ Βιέννης εἰς τὸ Ἀθηναϊκὸν Πρακτορεῖον, ὅτι ὁ Πρέσβυς τῆς Ἑλλάδος κ. Γυπάρης ἔκαμεν ἐντόνους παραστάσεις πρὸς τὴν Πύλην διὰ τὴν κακομεταχείρισιν τῶν ἐν Σέρραις Ἑλλήνων προξένων.

ΜΙΑ ΕΚΡΗΞΙΣ
ΕΙΣ ΤΟ ΧΡΗΜΑΤΙΣΤΗΡΙΟΝ ΤΗΣ ΡΩΜΗΣ

Ἀγγέλλεται τηλεγραφικῶς ἐκ Ρώμης ὑπὸ τοῦ Ἀθηναϊκοῦ Πρακτορείου, ὅτι εἰς τὸ Χρηματιστήριον ἔλαβε χώραν ἔκρηξις προκληθεῖσα ἐκ βόμβας.

Ἡ βόμβα εἶχε τοποθετηθῇ εἰς ἐν τῶν γραφείων. Ὁ κ. Χρηματιστὴρ ἐγλύτωσεν.

ΚΑΤΑΔΙΚΗ
ΡΩΣΣΩΝ ΒΟΥΛΕΥΤΩΝ

Καθ' ἀγγελίαν τηλεγραφικὴν τοῦ Ἀθηναϊκοῦ Πρακτορείου ἐκ Πετρουπόλεως, ἅπαντες οἱ καταδιωχθέντες διὰ τὴν γνωστὴν συνωμοσίαν τοῦ Βίμπουργ βουλευταὶ κατεδικάσθησαν εἰς τριμηνον φυλάκισιν.

ΒΟΜΒΑ ΕΙΣ ΤΗΝ ΙΣΠΑΝΙΑΝ

Καθ' ἀγγελίαν τηλεγραφικὴν τοῦ Ἀθηναϊκοῦ Πρακτορείου ἐν Βαρκελώνῃ ἐξερράγη βόμβα ἐκτὸς τοῦ δημαρχείου.

Ο ΝΕΟΣ ΔΙΟΙΚΗΤΗΣ ΣΑΜΟΥ

Ἀγγέλλεται τηλεγραφικῶς ἐκ Κωνσταντινουπόλεως ὅτι διωρίσθη νέος διοικητὴς τῆς Σάμου.

ΘΑΝΑΤΟΣ ΠΡΩΘΥΠΟΥΡΓΟΥ

Ἐκ Βρυξελλῶν ἀγγέλλεται τηλεγραφικῶς ὁ θάνατος τοῦ Βέλγου Πρωθυπουργοῦ.

Η ΧΘΕΣΙΝΗ ΚΛΗΡΩΣΙΣ
ΤΟΥ ΔΑΝΕΙΟΥ ΤΗΣ ΕΘΝΙΚΗΣ

Χθὲς τὴν 10ην π. μ. ἐγένετο ἐν τῷ καταστήματι τῆς Ἐθνικῆς Τραπέζης ἡ 109η κλήρωσις τοῦ ἐκ 60,000,000 φρ. δανείου αὐτῆς.

Κατὰ τὴν κλήρωσιν ταύτην ἐξήχθησαν οἱ ἐξῆς λαχνοί:

1ος	102,798	70 χιλ.
2ος	147,467	10,000
3ος	31,325	2,500
4ος	25,860	2,500
5ος	6,619	1,000
6ος	37,321	1,000
7ος	168,594	1,000
8ος	82,940	1,000
9ος	34,983	1,000

Ἡ ἀριθ. 31,325 λαχειοφόρος ὁμολογία τῆς Ἐθνικῆς ἐκερδισε 2,500 δραχμάς.

Η ΑΔΕΛΦΗ ΤΟΥ ΚΑ'Ι'ΖΕΡ
ΚΑΙ Η ΔΙΚΗ ΤΟΥ ΧΑΡΔΕΝ

Ὁ Μαξιμιλιανὸς Ἄρδεν ἐκθέτει ἐν τῷ δικαστηρίῳ, ὅτι εἶχε λάβει ἐπιστολὰς παρὰ τῆς πριγκηπίσσης τῆς Σαξωνίας-Μαϊνιγγεν, ἀδελφῆς τοῦ Αὐτοκράτορος Γουλιέλμου, κατὰ τὰς ὁποίας τὸ περιεχόμενον τῶν ἐπιστολῶν αὐτῶν ἦτο προσβλητικὸν διὰ τὸν πρίγκηπα Εὐλεμβούργ.

Ἡ πριγκήπισσα ὅμως δι' ἐπιστολῆς της ἀρνεῖται ὅτι ἔγραψεν ποτὲ τοιαῦτα.

Ὅθεν εἶναι πιθανὸν νὰ ἐκτεθῇ εἰς δίωξιν ὁ Χάρδεν ἐπὶ δυσφημήσει τῆς Αὐτοκρατορικῆς οἰκογενείας.
